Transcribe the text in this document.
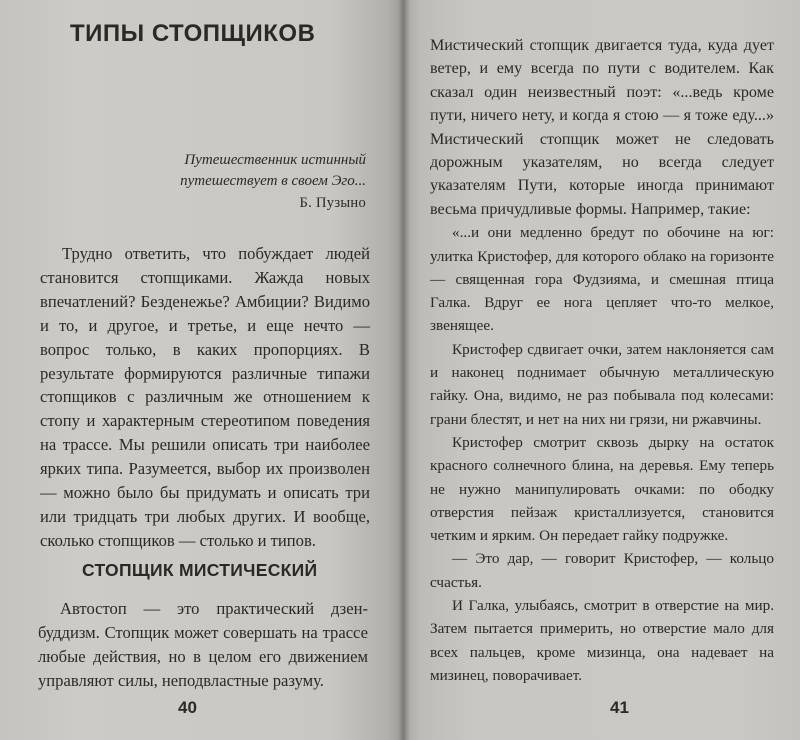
ТИПЫ СТОПЩИКОВ
Путешественник истинный
путешествует в своем Эго...
Б. Пузыно

Трудно ответить, что побуждает людей становится стопщиками. Жажда новых впечатлений? Безденежье? Амбиции? Видимо и то, и другое, и третье, и еще нечто — вопрос только, в каких пропорциях. В результате формируются различные типажи стопщиков с различным же отношением к стопу и характерным стереотипом поведения на трассе. Мы решили описать три наиболее ярких типа. Разумеется, выбор их произволен — можно было бы придумать и описать три или тридцать три любых других. И вообще, сколько стопщиков — столько и типов.

СТОПЩИК МИСТИЧЕСКИЙ

Автостоп — это практический дзен-буддизм. Стопщик может совершать на трассе любые действия, но в целом его движением управляют силы, неподвластные разуму.

40

Мистический стопщик двигается туда, куда дует ветер, и ему всегда по пути с водителем. Как сказал один неизвестный поэт: «...ведь кроме пути, ничего нету, и когда я стою — я тоже еду...» Мистический стопщик может не следовать дорожным указателям, но всегда следует указателям Пути, которые иногда принимают весьма причудливые формы. Например, такие:

«...и они медленно бредут по обочине на юг: улитка Кристофер, для которого облако на горизонте — священная гора Фудзияма, и смешная птица Галка. Вдруг ее нога цепляет что-то мелкое, звенящее.

Кристофер сдвигает очки, затем наклоняется сам и наконец поднимает обычную металлическую гайку. Она, видимо, не раз побывала под колесами: грани блестят, и нет на них ни грязи, ни ржавчины.

Кристофер смотрит сквозь дырку на остаток красного солнечного блина, на деревья. Ему теперь не нужно манипулировать очками: по ободку отверстия пейзаж кристаллизуется, становится четким и ярким. Он передает гайку подружке.

— Это дар, — говорит Кристофер, — кольцо счастья.

И Галка, улыбаясь, смотрит в отверстие на мир. Затем пытается примерить, но отверстие мало для всех пальцев, кроме мизинца, она надевает на мизинец, поворачивает.

41
